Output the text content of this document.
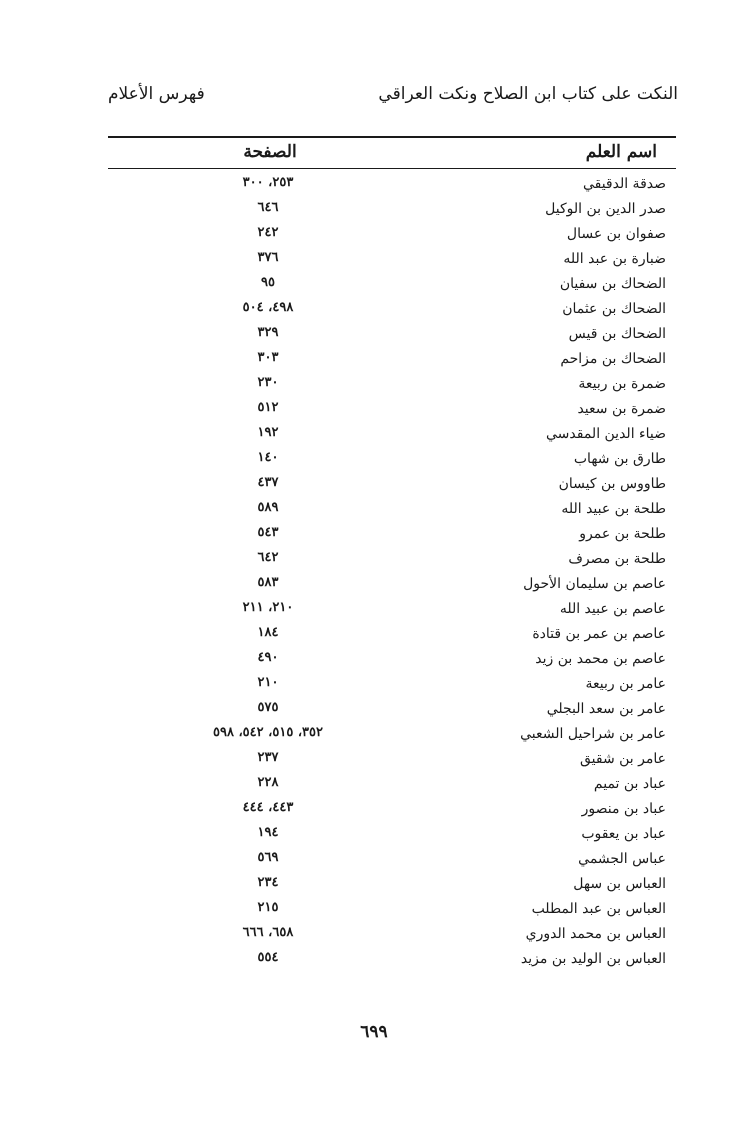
النكت على كتاب ابن الصلاح ونكت العراقي
فهرس الأعلام
اسم العلم
الصفحة
صدقة الدقيقي
٢٥٣، ٣٠٠
صدر الدين بن الوكيل
٦٤٦
صفوان بن عسال
٢٤٢
ضبارة بن عبد الله
٣٧٦
الضحاك بن سفيان
٩٥
الضحاك بن عثمان
٤٩٨، ٥٠٤
الضحاك بن قيس
٣٢٩
الضحاك بن مزاحم
٣٠٣
ضمرة بن ربيعة
٢٣٠
ضمرة بن سعيد
٥١٢
ضياء الدين المقدسي
١٩٢
طارق بن شهاب
١٤٠
طاووس بن كيسان
٤٣٧
طلحة بن عبيد الله
٥٨٩
طلحة بن عمرو
٥٤٣
طلحة بن مصرف
٦٤٢
عاصم بن سليمان الأحول
٥٨٣
عاصم بن عبيد الله
٢١٠، ٢١١
عاصم بن عمر بن قتادة
١٨٤
عاصم بن محمد بن زيد
٤٩٠
عامر بن ربيعة
٢١٠
عامر بن سعد البجلي
٥٧٥
عامر بن شراحيل الشعبي
٣٥٢، ٥١٥، ٥٤٢، ٥٩٨
عامر بن شقيق
٢٣٧
عباد بن تميم
٢٢٨
عباد بن منصور
٤٤٣، ٤٤٤
عباد بن يعقوب
١٩٤
عباس الجشمي
٥٦٩
العباس بن سهل
٢٣٤
العباس بن عبد المطلب
٢١٥
العباس بن محمد الدوري
٦٥٨، ٦٦٦
العباس بن الوليد بن مزيد
٥٥٤
٦٩٩
